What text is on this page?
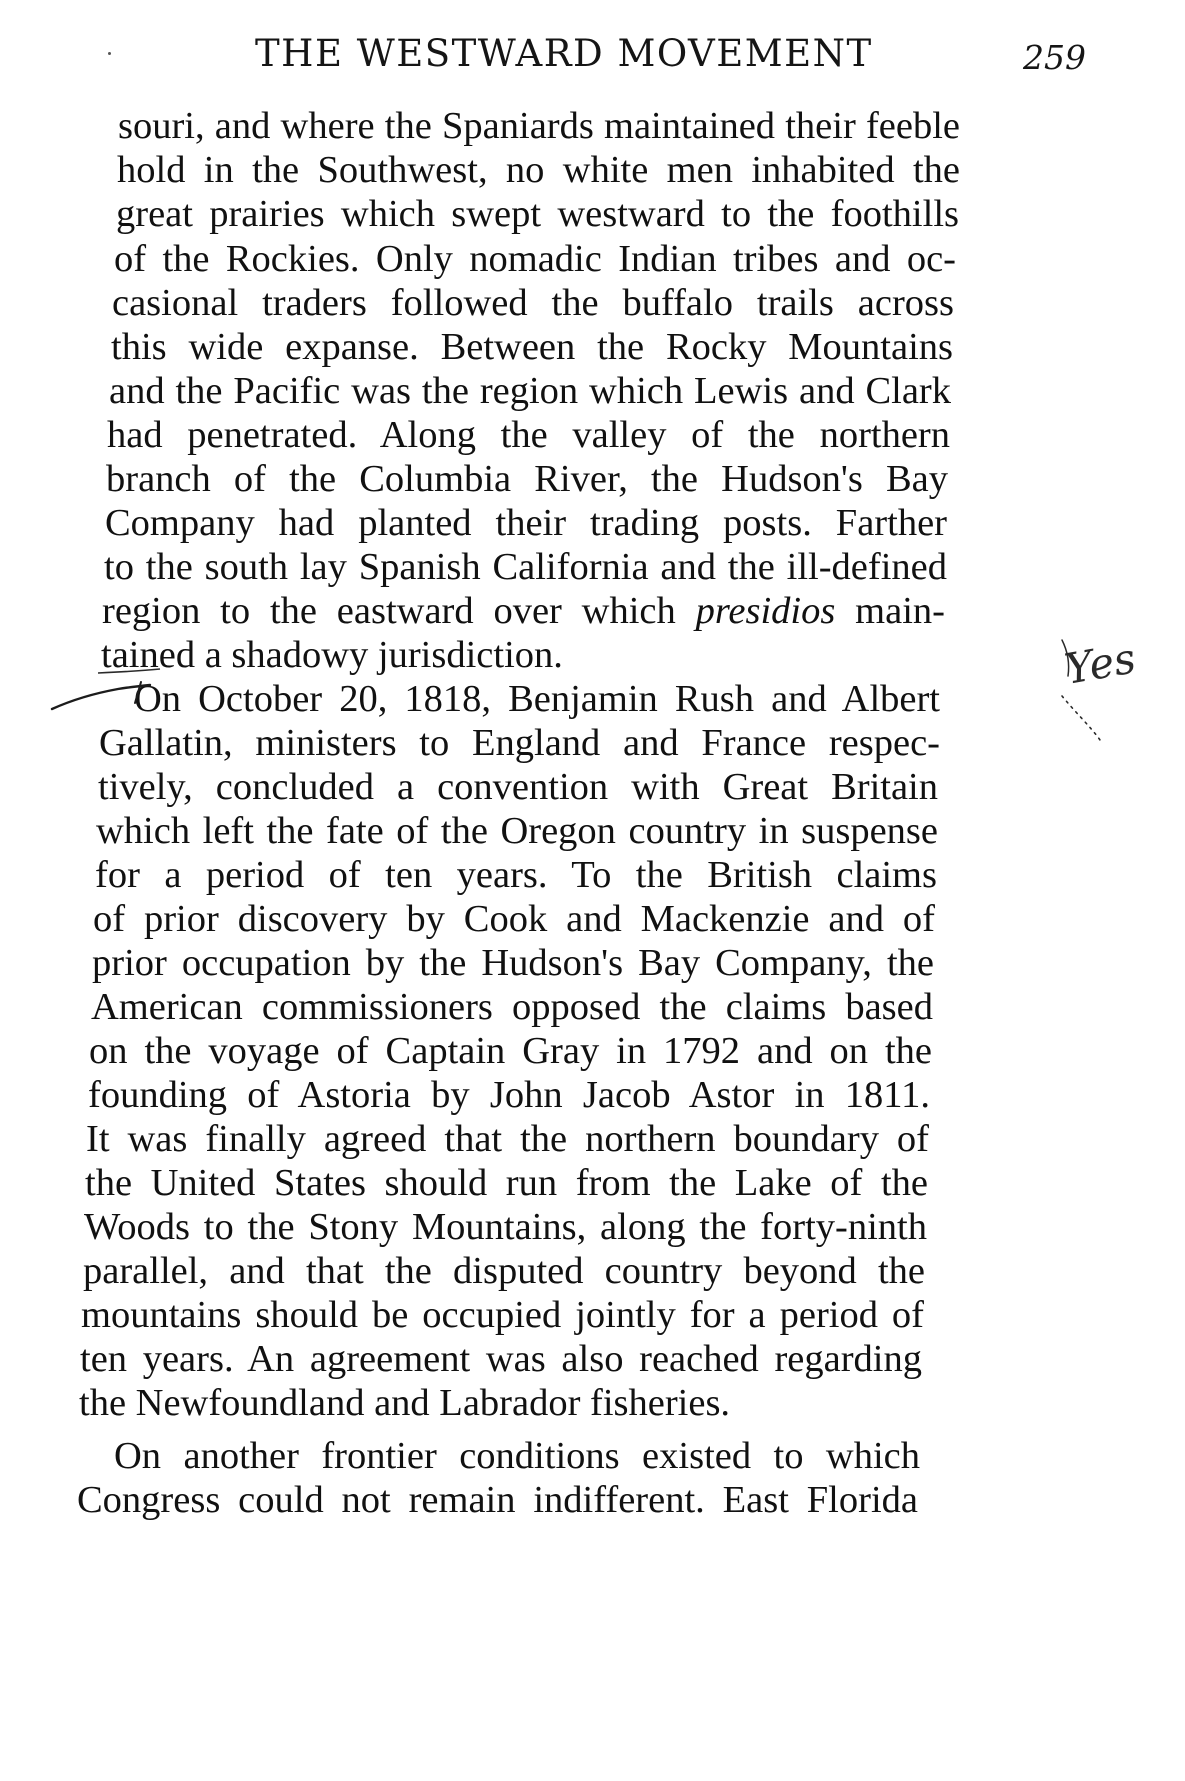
THE WESTWARD MOVEMENT	259
souri, and where the Spaniards maintained their feeble
hold in the Southwest, no white men inhabited the
great prairies which swept westward to the foothills
of the Rockies. Only nomadic Indian tribes and oc-
casional traders followed the buffalo trails across
this wide expanse. Between the Rocky Mountains
and the Pacific was the region which Lewis and Clark
had penetrated. Along the valley of the northern
branch of the Columbia River, the Hudson's Bay
Company had planted their trading posts. Farther
to the south lay Spanish California and the ill-defined
region to the eastward over which presidios main-
tained a shadowy jurisdiction.
On October 20, 1818, Benjamin Rush and Albert
Gallatin, ministers to England and France respec-
tively, concluded a convention with Great Britain
which left the fate of the Oregon country in suspense
for a period of ten years. To the British claims
of prior discovery by Cook and Mackenzie and of
prior occupation by the Hudson's Bay Company, the
American commissioners opposed the claims based
on the voyage of Captain Gray in 1792 and on the
founding of Astoria by John Jacob Astor in 1811.
It was finally agreed that the northern boundary of
the United States should run from the Lake of the
Woods to the Stony Mountains, along the forty-ninth
parallel, and that the disputed country beyond the
mountains should be occupied jointly for a period of
ten years. An agreement was also reached regarding
the Newfoundland and Labrador fisheries.
On another frontier conditions existed to which
Congress could not remain indifferent. East Florida
Yes
